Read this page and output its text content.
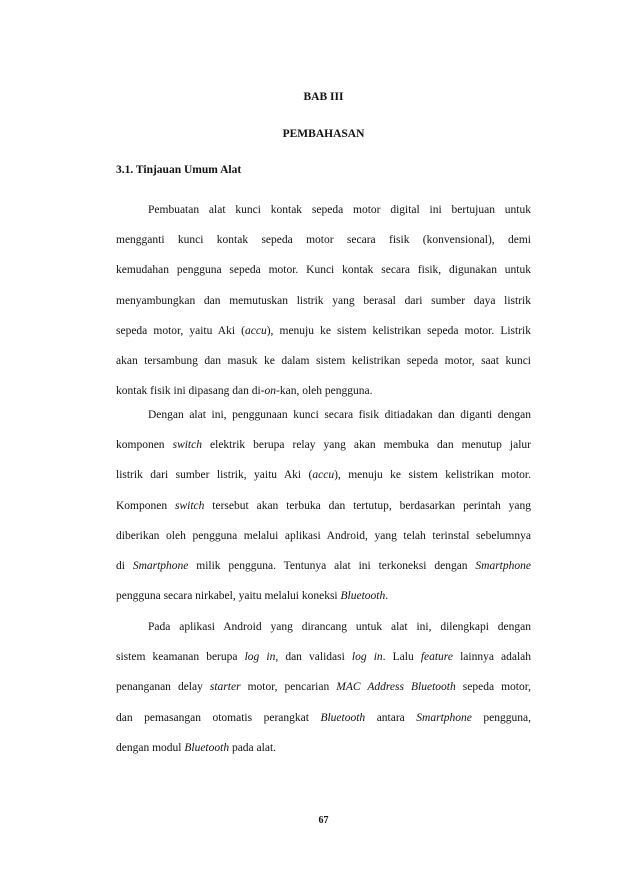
BAB III

PEMBAHASAN

3.1. Tinjauan Umum Alat

Pembuatan alat kunci kontak sepeda motor digital ini bertujuan untuk
mengganti kunci kontak sepeda motor secara fisik (konvensional), demi
kemudahan pengguna sepeda motor. Kunci kontak secara fisik, digunakan untuk
menyambungkan dan memutuskan listrik yang berasal dari sumber daya listrik
sepeda motor, yaitu Aki (accu), menuju ke sistem kelistrikan sepeda motor. Listrik
akan tersambung dan masuk ke dalam sistem kelistrikan sepeda motor, saat kunci
kontak fisik ini dipasang dan di-on-kan, oleh pengguna.
Dengan alat ini, penggunaan kunci secara fisik ditiadakan dan diganti dengan
komponen switch elektrik berupa relay yang akan membuka dan menutup jalur
listrik dari sumber listrik, yaitu Aki (accu), menuju ke sistem kelistrikan motor.
Komponen switch tersebut akan terbuka dan tertutup, berdasarkan perintah yang
diberikan oleh pengguna melalui aplikasi Android, yang telah terinstal sebelumnya
di Smartphone milik pengguna. Tentunya alat ini terkoneksi dengan Smartphone
pengguna secara nirkabel, yaitu melalui koneksi Bluetooth.
Pada aplikasi Android yang dirancang untuk alat ini, dilengkapi dengan
sistem keamanan berupa log in, dan validasi log in. Lalu feature lainnya adalah
penanganan delay starter motor, pencarian MAC Address Bluetooth sepeda motor,
dan pemasangan otomatis perangkat Bluetooth antara Smartphone pengguna,
dengan modul Bluetooth pada alat.

67
